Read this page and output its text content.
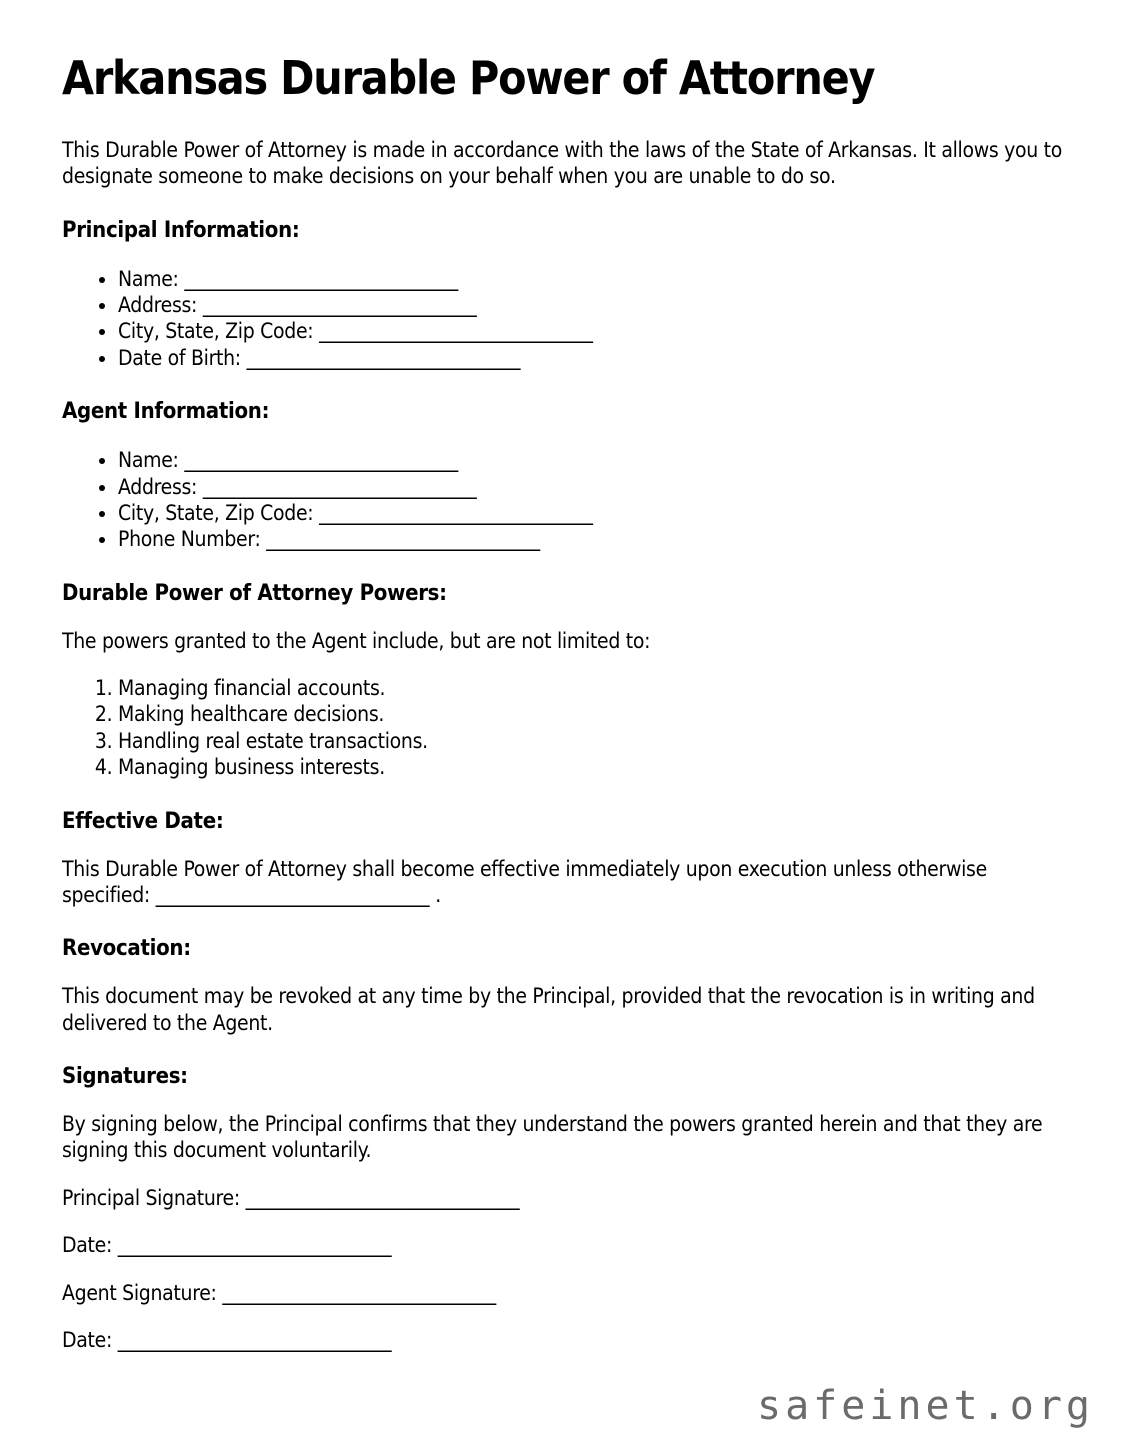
Arkansas Durable Power of Attorney

This Durable Power of Attorney is made in accordance with the laws of the State of Arkansas. It allows you to designate someone to make decisions on your behalf when you are unable to do so.

Principal Information:
• Name: _____________________________
• Address: _____________________________
• City, State, Zip Code: _____________________________
• Date of Birth: _____________________________
Agent Information:
• Name: _____________________________
• Address: _____________________________
• City, State, Zip Code: _____________________________
• Phone Number: _____________________________
Durable Power of Attorney Powers:

The powers granted to the Agent include, but are not limited to:

1. Managing financial accounts.
2. Making healthcare decisions.
3. Handling real estate transactions.
4. Managing business interests.
Effective Date:

This Durable Power of Attorney shall become effective immediately upon execution unless otherwise specified: _____________________________ .

Revocation:

This document may be revoked at any time by the Principal, provided that the revocation is in writing and delivered to the Agent.

Signatures:

By signing below, the Principal confirms that they understand the powers granted herein and that they are signing this document voluntarily.

Principal Signature: _____________________________

Date: _____________________________

Agent Signature: _____________________________

Date: _____________________________

safeinet.org
